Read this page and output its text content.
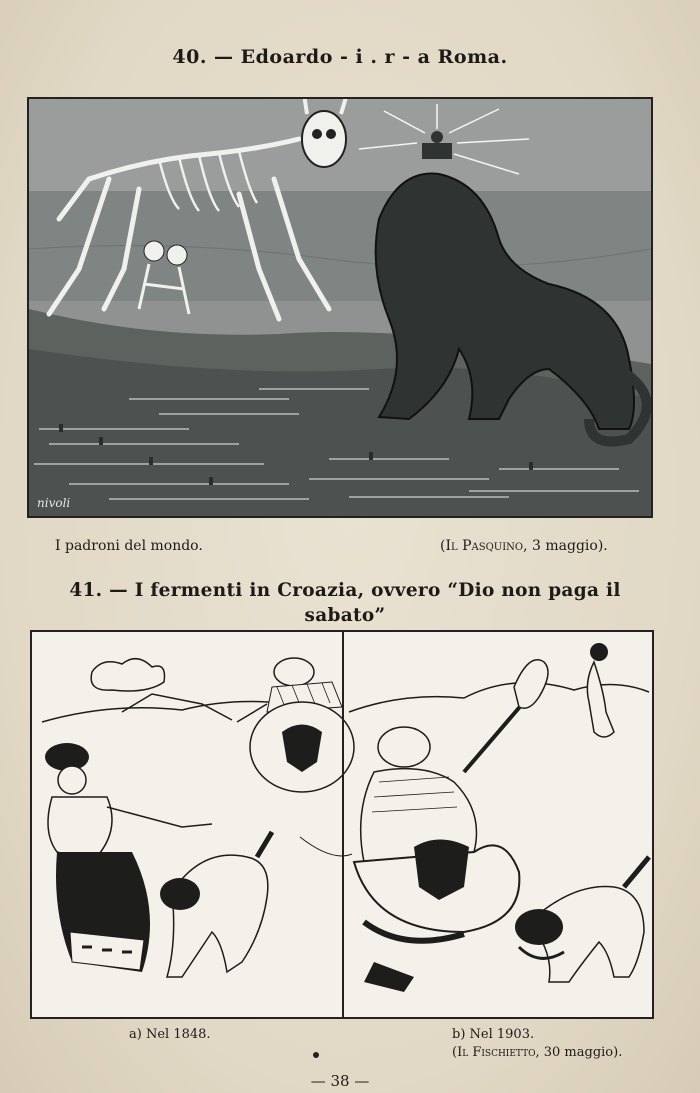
40. — Edoardo - i . r - a Roma.
nivoli
I padroni del mondo.	(Il Pasquino, 3 maggio).
41. — I fermenti in Croazia, ovvero “Dio non paga il sabato”
a) Nel 1848.	b) Nel 1903.
(Il Fischietto, 30 maggio).
— 38 —
